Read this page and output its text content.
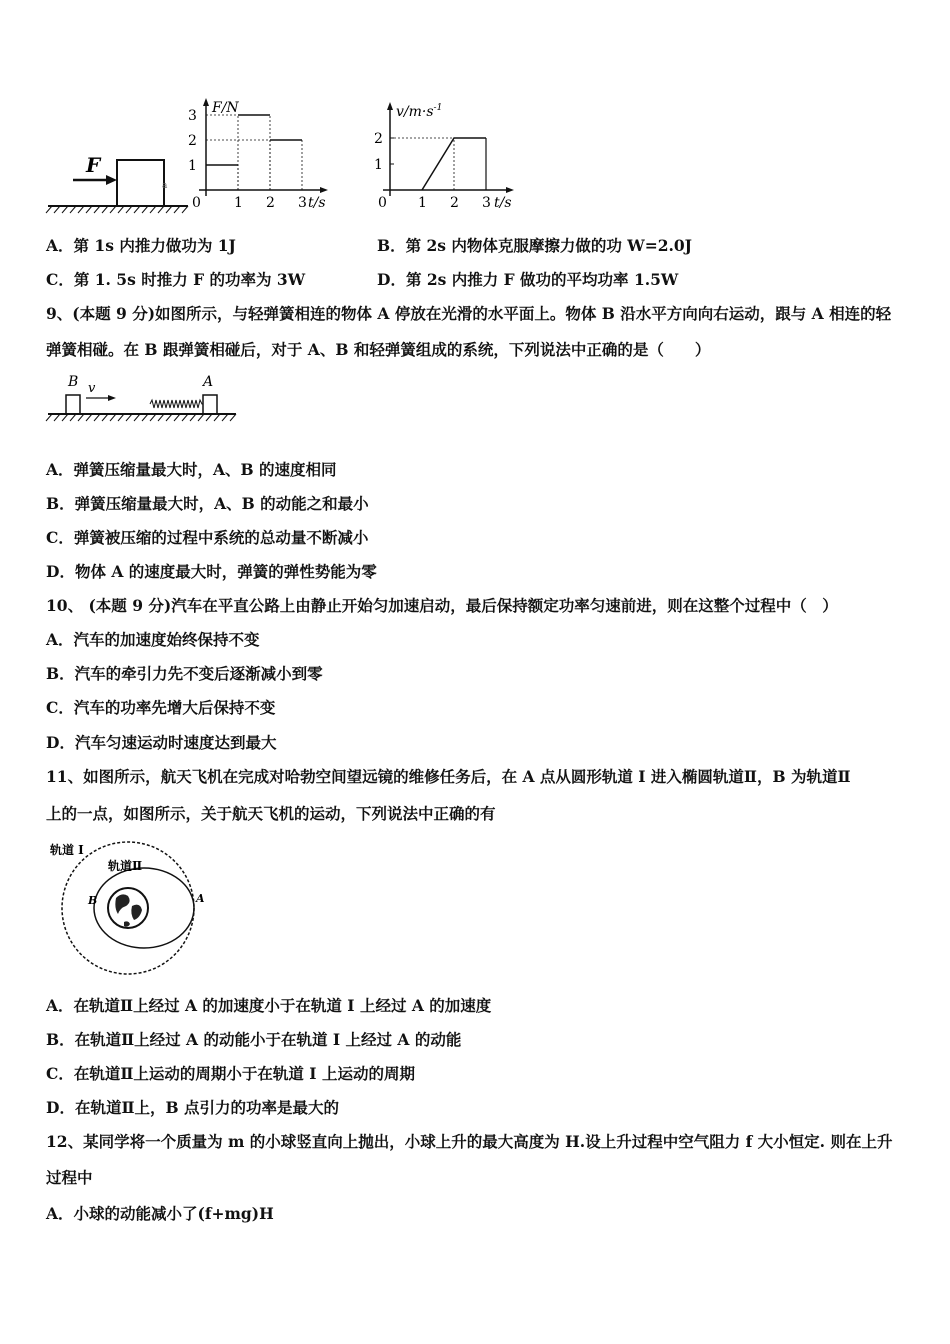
F
a
F/N
1
2
3
0 1 2 3 t/s
$v/m\cdot s^{-1}$
1
2
0 1 2 3 t/s
A．第 1s 内推力做功为 1J	B．第 2s 内物体克服摩擦力做的功 W=2.0J
C．第 1. 5s 时推力 F 的功率为 3W	D．第 2s 内推力 F 做功的平均功率 1.5W
9、(本题 9 分)如图所示，与轻弹簧相连的物体 A 停放在光滑的水平面上。物体 B 沿水平方向向右运动，跟与 A 相连的轻弹簧相碰。在 B 跟弹簧相碰后，对于 A、B 和轻弹簧组成的系统，下列说法中正确的是（　　）
B v	A
A．弹簧压缩量最大时，A、B 的速度相同
B．弹簧压缩量最大时，A、B 的动能之和最小
C．弹簧被压缩的过程中系统的总动量不断减小
D．物体 A 的速度最大时，弹簧的弹性势能为零
10、 (本题 9 分)汽车在平直公路上由静止开始匀加速启动，最后保持额定功率匀速前进，则在这整个过程中（　）
A．汽车的加速度始终保持不变
B．汽车的牵引力先不变后逐渐减小到零
C．汽车的功率先增大后保持不变
D．汽车匀速运动时速度达到最大
11、如图所示，航天飞机在完成对哈勃空间望远镜的维修任务后，在 A 点从圆形轨道 I 进入椭圆轨道Ⅱ，B 为轨道Ⅱ
上的一点，如图所示，关于航天飞机的运动，下列说法中正确的有
轨道 I
轨道Ⅱ
B	A
A．在轨道Ⅱ上经过 A 的加速度小于在轨道 I 上经过 A 的加速度
B．在轨道Ⅱ上经过 A 的动能小于在轨道 I 上经过 A 的动能
C．在轨道Ⅱ上运动的周期小于在轨道 I 上运动的周期
D．在轨道Ⅱ上，B 点引力的功率是最大的
12、某同学将一个质量为 m 的小球竖直向上抛出，小球上升的最大高度为 H.设上升过程中空气阻力 f 大小恒定. 则在上升过程中
A．小球的动能减小了(f+mg)H
